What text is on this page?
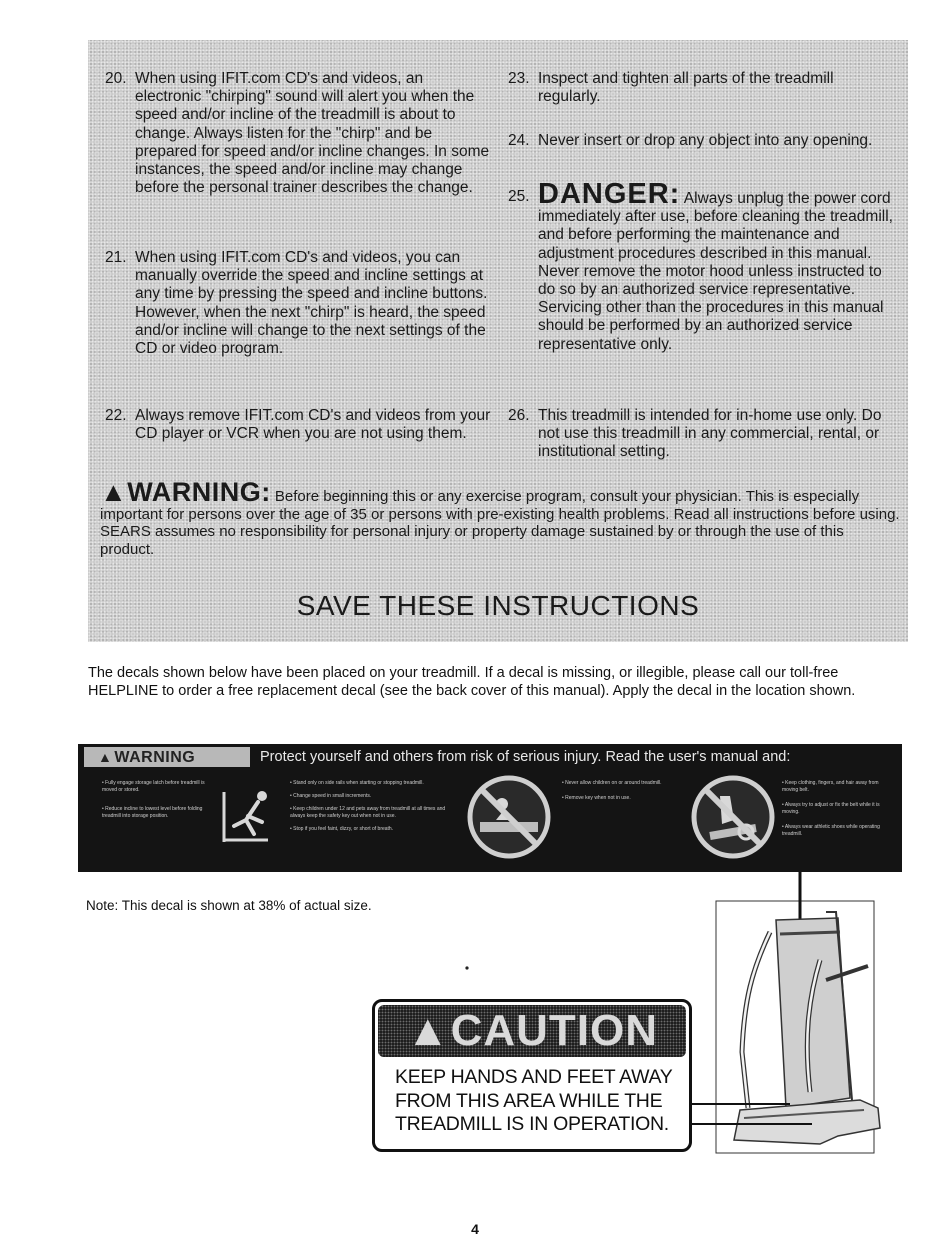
20. When using IFIT.com CD's and videos, an electronic "chirping" sound will alert you when the speed and/or incline of the treadmill is about to change. Always listen for the "chirp" and be prepared for speed and/or incline changes. In some instances, the speed and/or incline may change before the personal trainer describes the change.
21. When using IFIT.com CD's and videos, you can manually override the speed and incline settings at any time by pressing the speed and incline buttons. However, when the next "chirp" is heard, the speed and/or incline will change to the next settings of the CD or video program.
22. Always remove IFIT.com CD's and videos from your CD player or VCR when you are not using them.
23. Inspect and tighten all parts of the treadmill regularly.
24. Never insert or drop any object into any opening.
25. DANGER: Always unplug the power cord immediately after use, before cleaning the treadmill, and before performing the maintenance and adjustment procedures described in this manual. Never remove the motor hood unless instructed to do so by an authorized service representative. Servicing other than the procedures in this manual should be performed by an authorized service representative only.
26. This treadmill is intended for in-home use only. Do not use this treadmill in any commercial, rental, or institutional setting.
▲WARNING: Before beginning this or any exercise program, consult your physician. This is especially important for persons over the age of 35 or persons with pre-existing health problems. Read all instructions before using. SEARS assumes no responsibility for personal injury or property damage sustained by or through the use of this product.
SAVE THESE INSTRUCTIONS
The decals shown below have been placed on your treadmill. If a decal is missing, or illegible, please call our toll-free HELPLINE to order a free replacement decal (see the back cover of this manual). Apply the decal in the location shown.
▲ WARNING	Protect yourself and others from risk of serious injury. Read the user's manual and:
• Fully engage storage latch before treadmill is moved or stored.
• Reduce incline to lowest level before folding treadmill into storage position.
• Stand only on side rails when starting or stopping treadmill.
• Change speed in small increments.
• Keep children under 12 and pets away from treadmill at all times and always keep the safety key out when not in use.
• Stop if you feel faint, dizzy, or short of breath.
• Never allow children on or around treadmill.
• Remove key when not in use.
• Keep clothing, fingers, and hair away from moving belt.
• Always try to adjust or fix the belt while it is moving.
• Always wear athletic shoes while operating treadmill.
Note: This decal is shown at 38% of actual size.
▲CAUTION
KEEP HANDS AND FEET AWAY
FROM THIS AREA WHILE THE
TREADMILL IS IN OPERATION.
4
